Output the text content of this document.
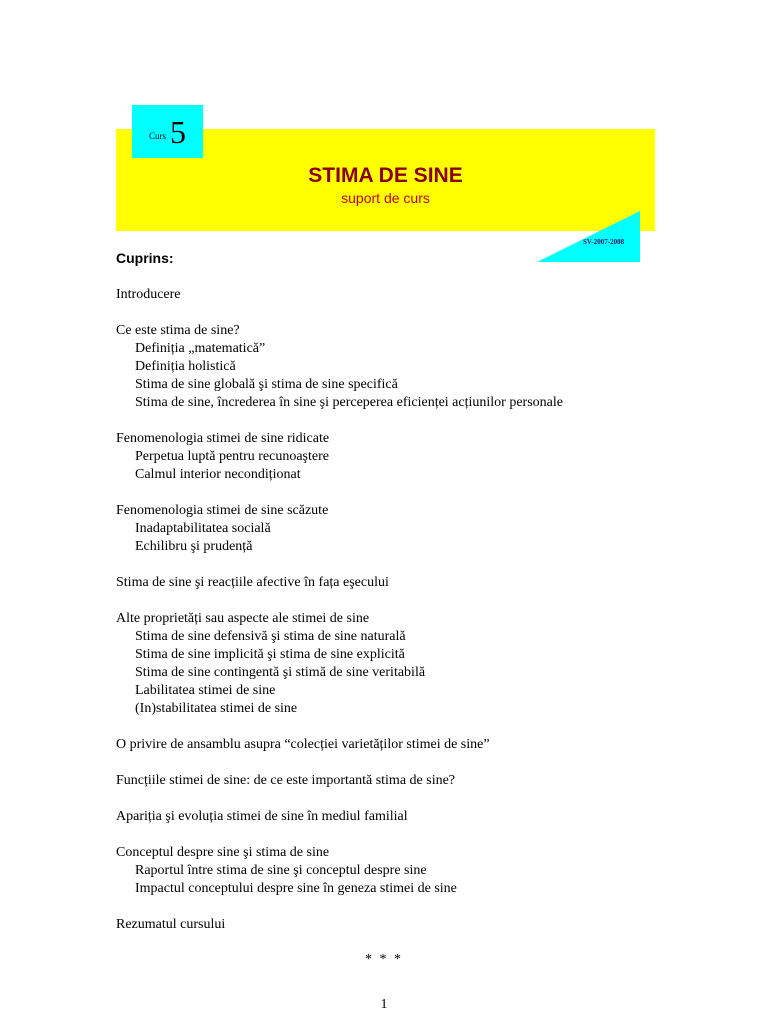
Curs 5
STIMA DE SINE
suport de curs
SV-2007-2008
Cuprins:
Introducere
Ce este stima de sine?
Definiția „matematică”
Definiția holistică
Stima de sine globală şi stima de sine specifică
Stima de sine, încrederea în sine şi perceperea eficienței acțiunilor personale
Fenomenologia stimei de sine ridicate
Perpetua luptă pentru recunoaştere
Calmul interior necondiționat
Fenomenologia stimei de sine scăzute
Inadaptabilitatea socială
Echilibru şi prudență
Stima de sine şi reacțiile afective în fața eşecului
Alte proprietăți sau aspecte ale stimei de sine
Stima de sine defensivă şi stima de sine naturală
Stima de sine implicită şi stima de sine explicită
Stima de sine contingentă şi stimă de sine veritabilă
Labilitatea stimei de sine
(In)stabilitatea stimei de sine
O privire de ansamblu asupra “colecției varietăților stimei de sine”
Funcțiile stimei de sine: de ce este importantă stima de sine?
Apariția şi evoluția stimei de sine în mediul familial
Conceptul despre sine şi stima de sine
Raportul între stima de sine şi conceptul despre sine
Impactul conceptului despre sine în geneza stimei de sine
Rezumatul cursului
* * *
1
